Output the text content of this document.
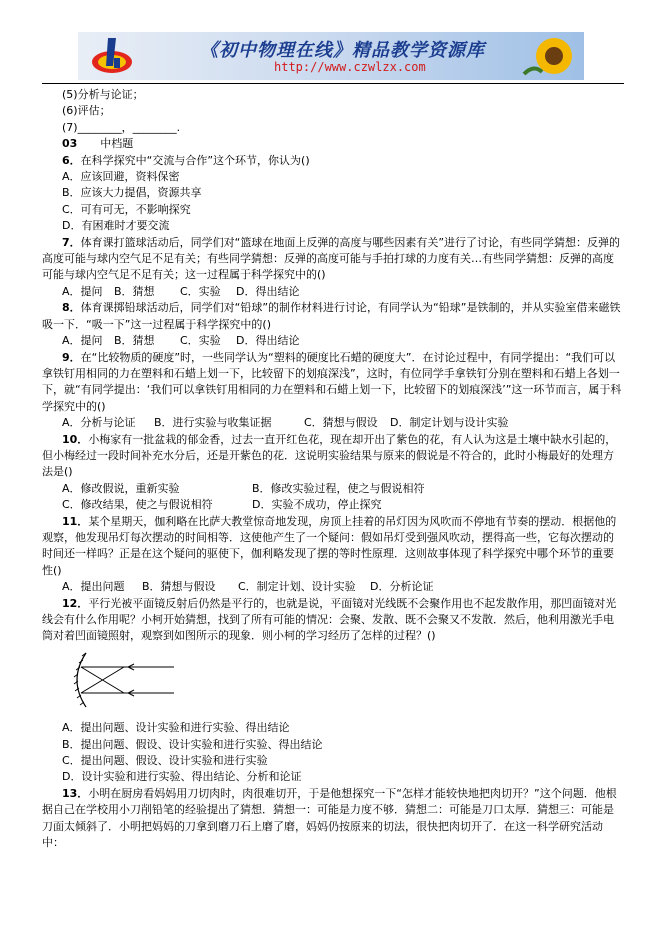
《初中物理在线》精品教学资源库
http://www.czwlzx.com

(5)分析与论证；

(6)评估；

(7)________，________.

03 中档题

6．在科学探究中“交流与合作”这个环节，你认为()

A．应该回避，资料保密

B．应该大力提倡，资源共享

C．可有可无，不影响探究

D．有困难时才要交流

7．体育课打篮球活动后，同学们对“篮球在地面上反弹的高度与哪些因素有关”进行了讨论，有些同学猜想：反弹的高度可能与球内空气足不足有关；有些同学猜想：反弹的高度可能与手拍打球的力度有关…有些同学猜想：反弹的高度可能与球内空气足不足有关；这一过程属于科学探究中的()

A．提问	B．猜想	C．实验	D．得出结论

8．体育课掷铅球活动后，同学们对“铅球”的制作材料进行讨论，有同学认为“铅球”是铁制的，并从实验室借来磁铁吸一下．“吸一下”这一过程属于科学探究中的()

A．提问	B．猜想	C．实验	D．得出结论

9．在“比较物质的硬度”时，一些同学认为“塑料的硬度比石蜡的硬度大”．在讨论过程中，有同学提出：“我们可以拿铁钉用相同的力在塑料和石蜡上划一下，比较留下的划痕深浅”，这时，有位同学手拿铁钉分别在塑料和石蜡上各划一下，就“有同学提出：‘我们可以拿铁钉用相同的力在塑料和石蜡上划一下，比较留下的划痕深浅’”这一环节而言，属于科学探究中的()

A．分析与论证	B．进行实验与收集证据	C．猜想与假设	D．制定计划与设计实验

10．小梅家有一批盆栽的郁金香，过去一直开红色花，现在却开出了紫色的花，有人认为这是土壤中缺水引起的，但小梅经过一段时间补充水分后，还是开紫色的花．这说明实验结果与原来的假说是不符合的，此时小梅最好的处理方法是()

A．修改假说，重新实验	B．修改实验过程，使之与假说相符
C．修改结果，使之与假说相符	D．实验不成功，停止探究

11．某个星期天，伽利略在比萨大教堂惊奇地发现，房顶上挂着的吊灯因为风吹而不停地有节奏的摆动．根据他的观察，他发现吊灯每次摆动的时间相等．这使他产生了一个疑问：假如吊灯受到强风吹动，摆得高一些，它每次摆动的时间还一样吗？正是在这个疑问的驱使下，伽利略发现了摆的等时性原理．这则故事体现了科学探究中哪个环节的重要性()

A．提出问题	B．猜想与假设	C．制定计划、设计实验	D．分析论证

12．平行光被平面镜反射后仍然是平行的，也就是说，平面镜对光线既不会聚作用也不起发散作用，那凹面镜对光线会有什么作用呢？小柯开始猜想，找到了所有可能的情况：会聚、发散、既不会聚又不发散．然后，他利用激光手电筒对着凹面镜照射，观察到如图所示的现象．则小柯的学习经历了怎样的过程？()

A．提出问题、设计实验和进行实验、得出结论

B．提出问题、假设、设计实验和进行实验、得出结论

C．提出问题、假设、设计实验和进行实验

D．设计实验和进行实验、得出结论、分析和论证

13．小明在厨房看妈妈用刀切肉时，肉很难切开，于是他想探究一下“怎样才能较快地把肉切开？”这个问题．他根据自己在学校用小刀削铅笔的经验提出了猜想．猜想一：可能是力度不够．猜想二：可能是刀口太厚．猜想三：可能是刀面太倾斜了．小明把妈妈的刀拿到磨刀石上磨了磨，妈妈仍按原来的切法，很快把肉切开了．在这一科学研究活动中：
